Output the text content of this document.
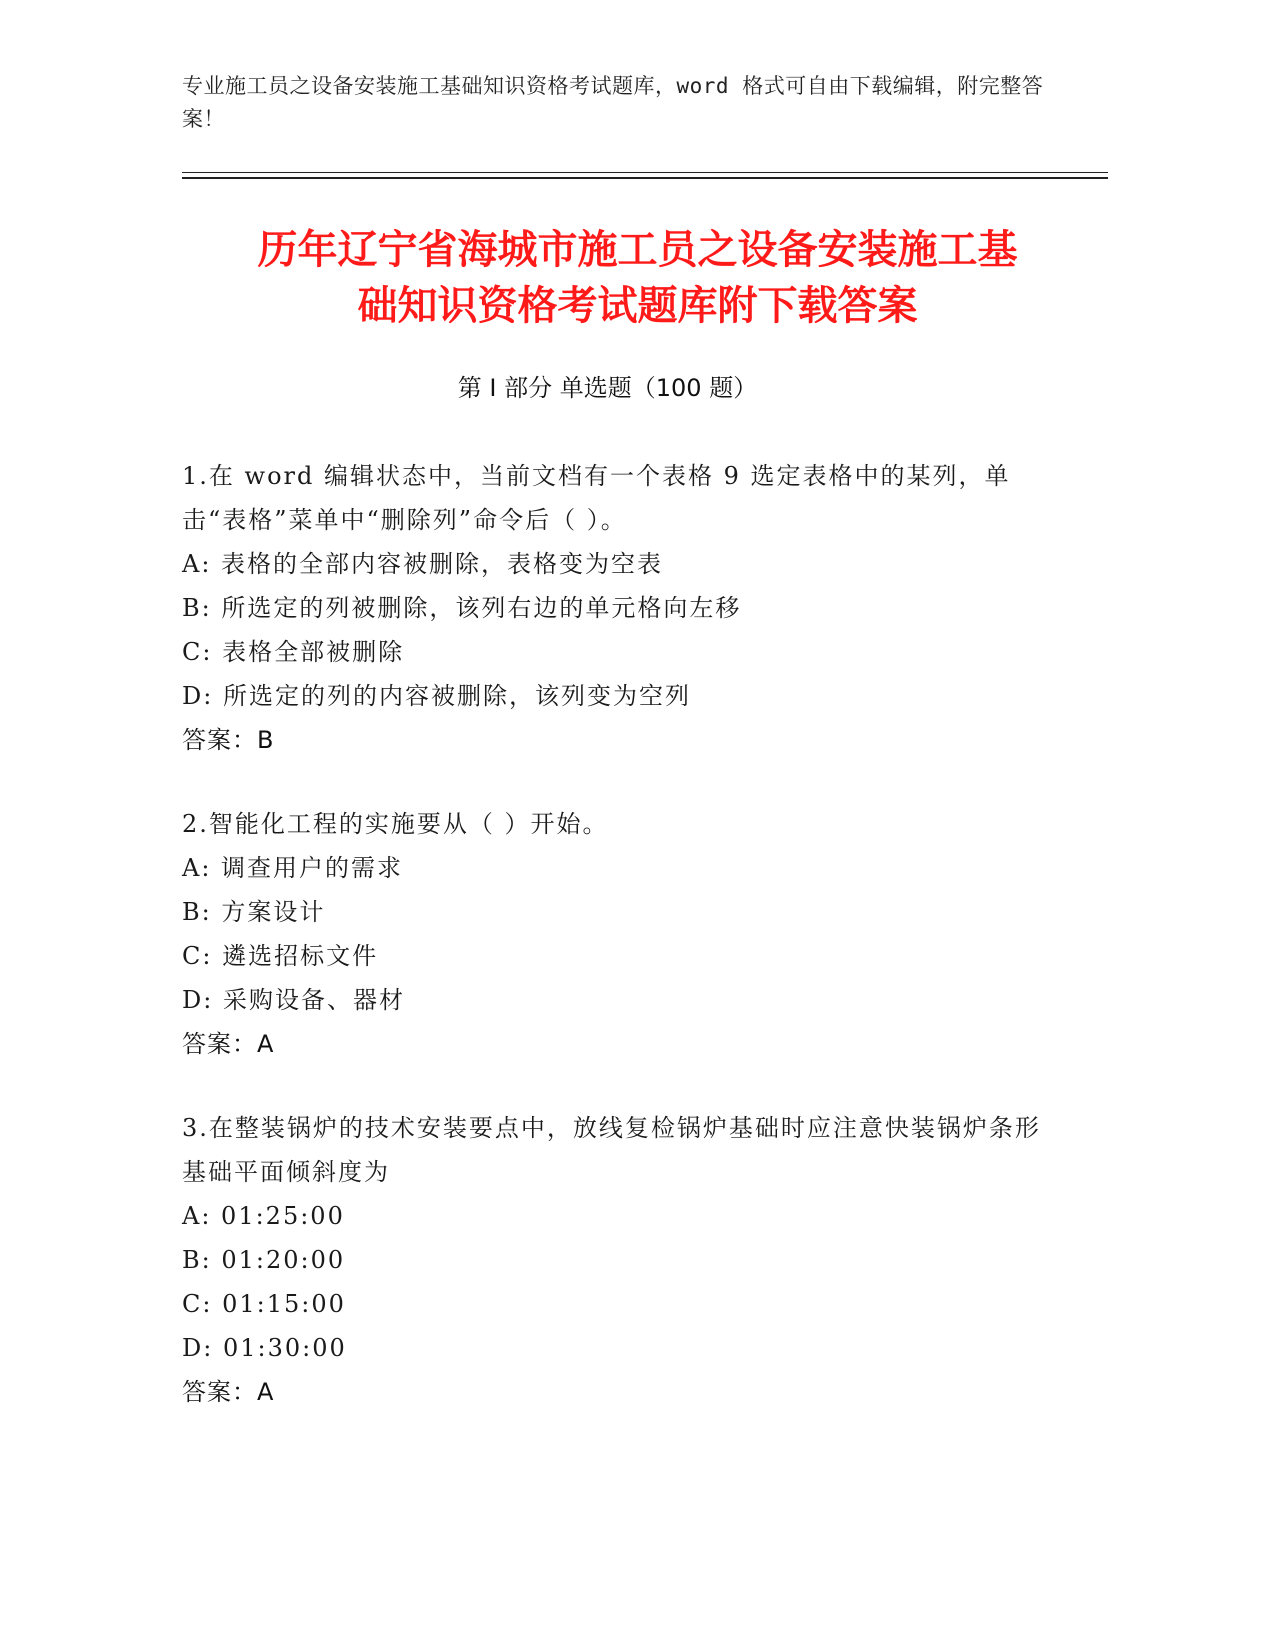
专业施工员之设备安装施工基础知识资格考试题库，word 格式可自由下载编辑，附完整答案！
历年辽宁省海城市施工员之设备安装施工基
础知识资格考试题库附下载答案
第 I 部分 单选题（100 题）
1.在 word 编辑状态中，当前文档有一个表格 9 选定表格中的某列，单击“表格”菜单中“删除列”命令后（ ）。
A: 表格的全部内容被删除，表格变为空表
B: 所选定的列被删除，该列右边的单元格向左移
C: 表格全部被删除
D: 所选定的列的内容被删除，该列变为空列
答案：B
2.智能化工程的实施要从（ ）开始。
A: 调查用户的需求
B: 方案设计
C: 遴选招标文件
D: 采购设备、器材
答案：A
3.在整装锅炉的技术安装要点中，放线复检锅炉基础时应注意快装锅炉条形基础平面倾斜度为
A: 01:25:00
B: 01:20:00
C: 01:15:00
D: 01:30:00
答案：A
